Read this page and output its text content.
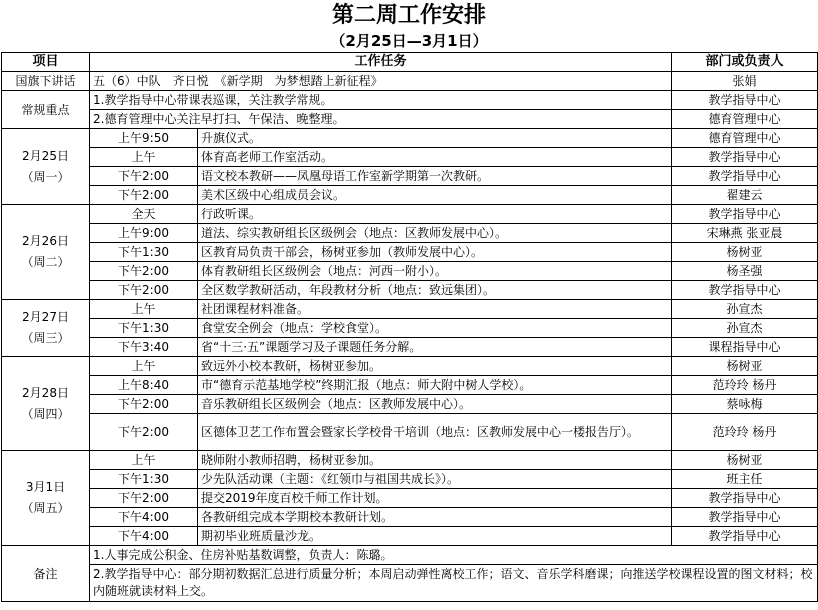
第二周工作安排
（2月25日—3月1日）
项目	工作任务		部门或负责人
国旗下讲话	五（6）中队　齐日悦　《新学期　为梦想踏上新征程》		张娟
常规重点	1.教学指导中心带课表巡课，关注教学常规。		教学指导中心
	2.德育管理中心关注早打扫、午保洁、晚整理。		德育管理中心

2月25日
（周一）	上午9:50	升旗仪式。	德育管理中心
	上午	体育高老师工作室活动。	教学指导中心
	下午2:00	语文校本教研——凤凰母语工作室新学期第一次教研。	教学指导中心
	下午2:00	美术区级中心组成员会议。	翟建云

2月26日
（周二）	全天	行政听课。	教学指导中心
	上午9:00	道法、综实教研组长区级例会（地点：区教师发展中心）。	宋琳燕 张亚晨
	下午1:30	区教育局负责干部会，杨树亚参加（教师发展中心）。	杨树亚
	下午2:00	体育教研组长区级例会（地点：河西一附小）。	杨圣强
	下午2:00	全区数学教研活动，年段教材分析（地点：致远集团）。	教学指导中心

2月27日
（周三）	上午	社团课程材料准备。	孙宣杰
	下午1:30	食堂安全例会（地点：学校食堂）。	孙宣杰
	下午3:40	省“十三·五”课题学习及子课题任务分解。	课程指导中心

2月28日
（周四）	上午	致远外小校本教研，杨树亚参加。	杨树亚
	上午8:40	市“德育示范基地学校”终期汇报（地点：师大附中树人学校）。	范玲玲 杨丹
	下午2:00	音乐教研组长区级例会（地点：区教师发展中心）。	蔡咏梅
	下午2:00	区德体卫艺工作布置会暨家长学校骨干培训（地点：区教师发展中心一楼报告厅）。	范玲玲 杨丹

3月1日
（周五）	上午	晓师附小教师招聘，杨树亚参加。	杨树亚
	下午1:30	少先队活动课（主题：《红领巾与祖国共成长》）。	班主任
	下午2:00	提交2019年度百校千师工作计划。	教学指导中心
	下午4:00	各教研组完成本学期校本教研计划。	教学指导中心
	下午4:00	期初毕业班质量沙龙。	教学指导中心
备注	1.人事完成公积金、住房补贴基数调整，负责人：陈璐。		
	2.教学指导中心：部分期初数据汇总进行质量分析；本周启动弹性离校工作；语文、音乐学科磨课；向推送学校课程设置的图文材料；校内随班就读材料上交。		
